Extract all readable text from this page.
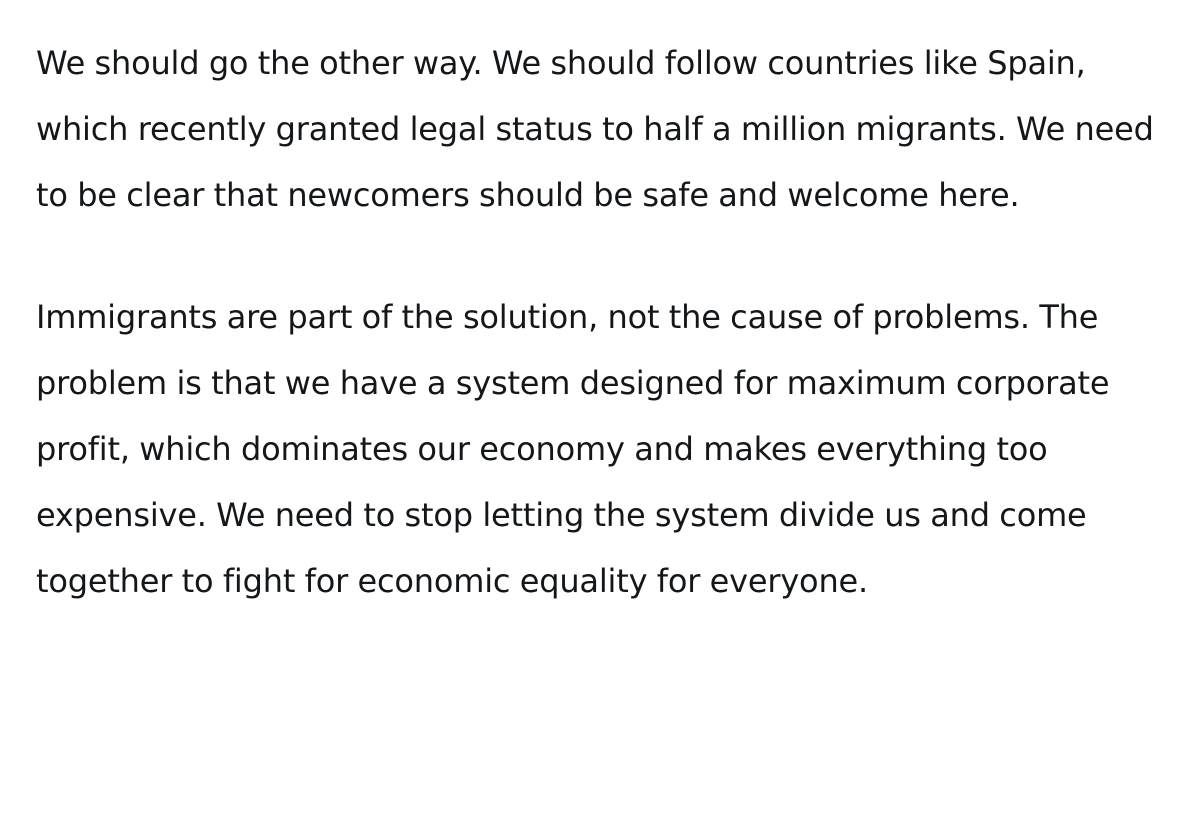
We should go the other way. We should follow countries like Spain, which recently granted legal status to half a million migrants. We need to be clear that newcomers should be safe and welcome here.

Immigrants are part of the solution, not the cause of problems. The problem is that we have a system designed for maximum corporate profit, which dominates our economy and makes everything too expensive. We need to stop letting the system divide us and come together to fight for economic equality for everyone.
